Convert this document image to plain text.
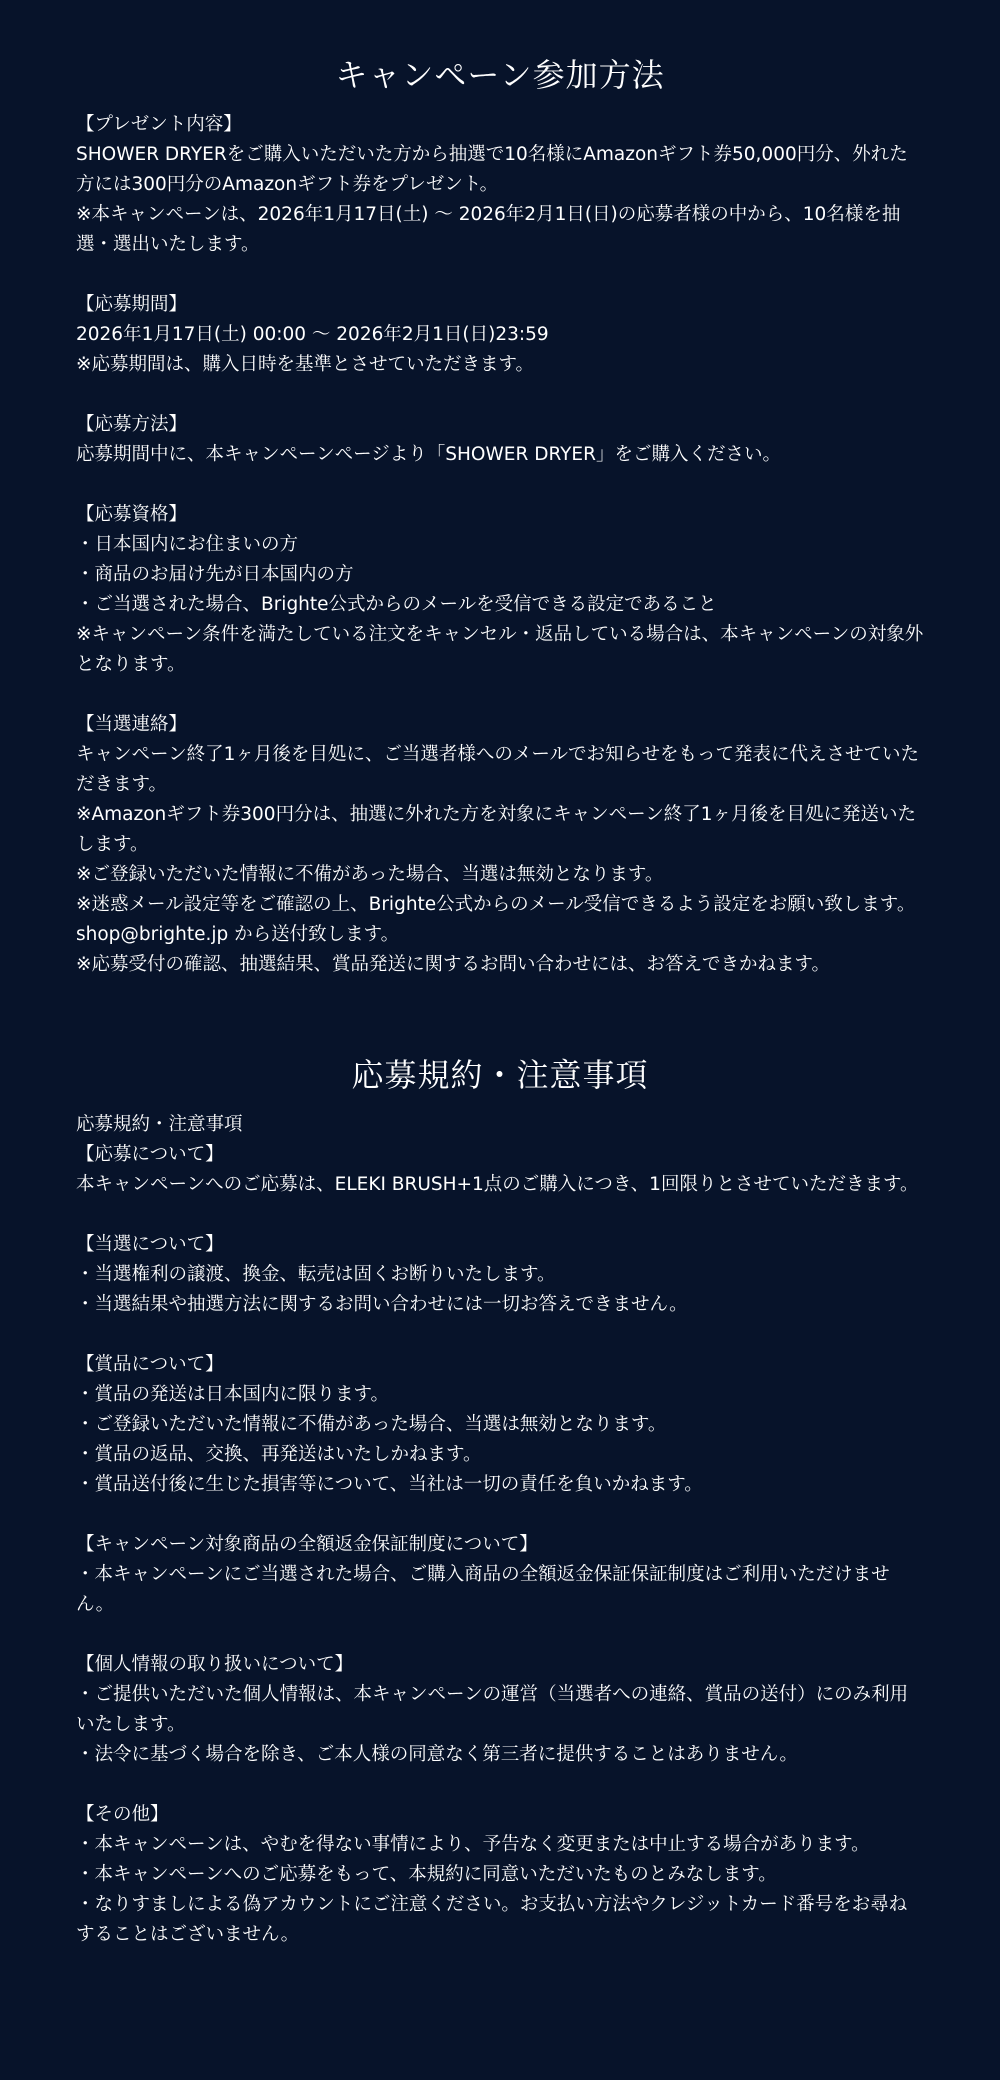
キャンペーン参加方法
【プレゼント内容】
SHOWER DRYERをご購入いただいた方から抽選で10名様にAmazonギフト券50,000円分、外れた方には300円分のAmazonギフト券をプレゼント。
※本キャンペーンは、2026年1月17日(土) 〜 2026年2月1日(日)の応募者様の中から、10名様を抽選・選出いたします。
【応募期間】
2026年1月17日(土) 00:00 〜 2026年2月1日(日)23:59
※応募期間は、購入日時を基準とさせていただきます。
【応募方法】
応募期間中に、本キャンペーンページより「SHOWER DRYER」をご購入ください。
【応募資格】
・日本国内にお住まいの方
・商品のお届け先が日本国内の方
・ご当選された場合、Brighte公式からのメールを受信できる設定であること
※キャンペーン条件を満たしている注文をキャンセル・返品している場合は、本キャンペーンの対象外となります。
【当選連絡】
キャンペーン終了1ヶ月後を目処に、ご当選者様へのメールでお知らせをもって発表に代えさせていただきます。
※Amazonギフト券300円分は、抽選に外れた方を対象にキャンペーン終了1ヶ月後を目処に発送いたします。
※ご登録いただいた情報に不備があった場合、当選は無効となります。
※迷惑メール設定等をご確認の上、Brighte公式からのメール受信できるよう設定をお願い致します。shop@brighte.jp から送付致します。
※応募受付の確認、抽選結果、賞品発送に関するお問い合わせには、お答えできかねます。
応募規約・注意事項
応募規約・注意事項
【応募について】
本キャンペーンへのご応募は、ELEKI BRUSH+1点のご購入につき、1回限りとさせていただきます。
【当選について】
・当選権利の譲渡、換金、転売は固くお断りいたします。
・当選結果や抽選方法に関するお問い合わせには一切お答えできません。
【賞品について】
・賞品の発送は日本国内に限ります。
・ご登録いただいた情報に不備があった場合、当選は無効となります。
・賞品の返品、交換、再発送はいたしかねます。
・賞品送付後に生じた損害等について、当社は一切の責任を負いかねます。
【キャンペーン対象商品の全額返金保証制度について】
・本キャンペーンにご当選された場合、ご購入商品の全額返金保証保証制度はご利用いただけません。
【個人情報の取り扱いについて】
・ご提供いただいた個人情報は、本キャンペーンの運営（当選者への連絡、賞品の送付）にのみ利用いたします。
・法令に基づく場合を除き、ご本人様の同意なく第三者に提供することはありません。
【その他】
・本キャンペーンは、やむを得ない事情により、予告なく変更または中止する場合があります。
・本キャンペーンへのご応募をもって、本規約に同意いただいたものとみなします。
・なりすましによる偽アカウントにご注意ください。お支払い方法やクレジットカード番号をお尋ねすることはございません。
